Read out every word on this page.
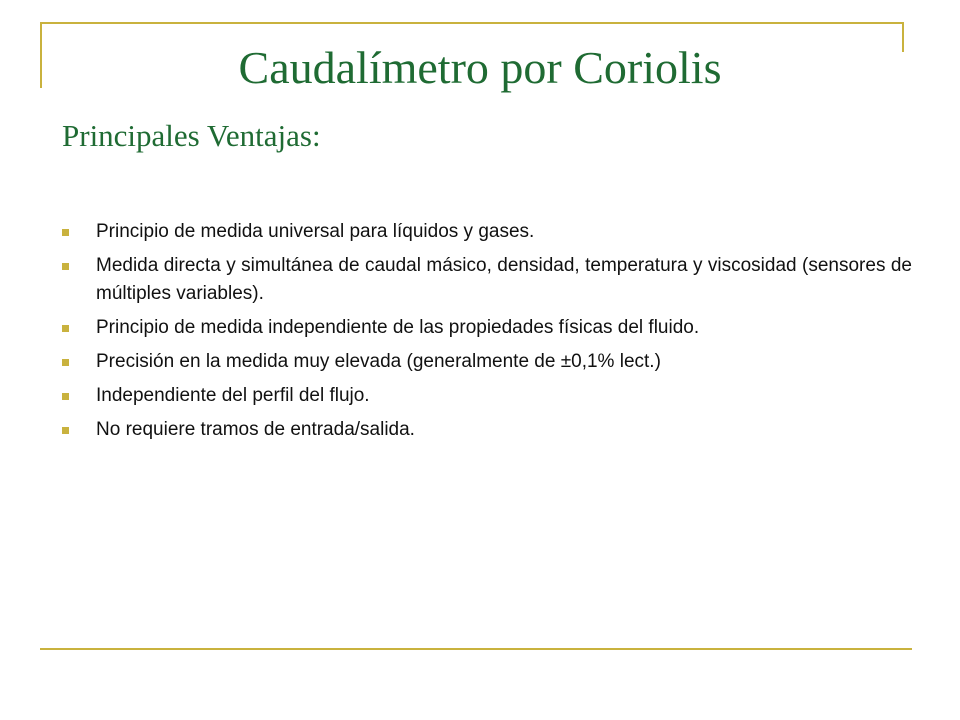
Caudalímetro por Coriolis
Principales Ventajas:
Principio de medida universal para líquidos y gases.
Medida directa y simultánea de caudal másico, densidad, temperatura y viscosidad (sensores de múltiples variables).
Principio de medida independiente de las propiedades físicas del fluido.
Precisión en la medida muy elevada (generalmente de ±0,1% lect.)
Independiente del perfil del flujo.
No requiere tramos de entrada/salida.
